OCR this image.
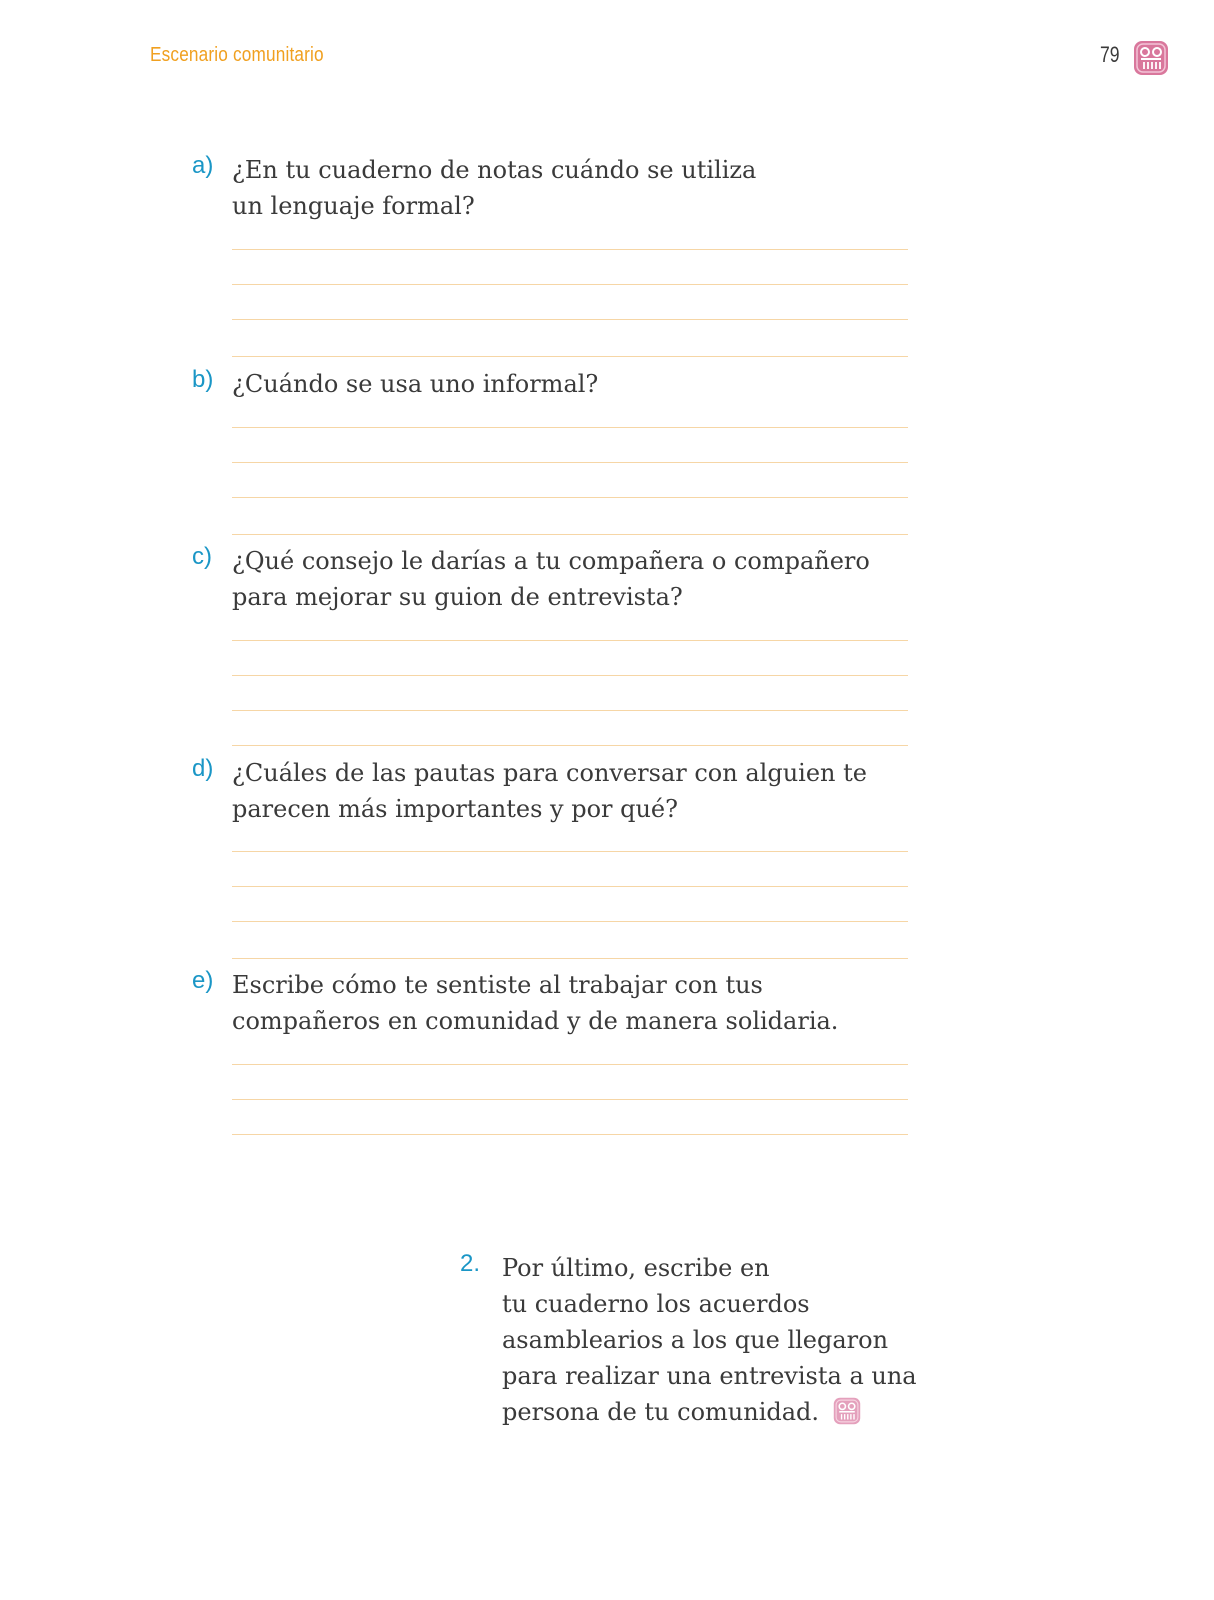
Escenario comunitario	79
a) ¿En tu cuaderno de notas cuándo se utiliza
un lenguaje formal?
b) ¿Cuándo se usa uno informal?
c) ¿Qué consejo le darías a tu compañera o compañero
para mejorar su guion de entrevista?
d) ¿Cuáles de las pautas para conversar con alguien te
parecen más importantes y por qué?
e) Escribe cómo te sentiste al trabajar con tus
compañeros en comunidad y de manera solidaria.
2. Por último, escribe en
tu cuaderno los acuerdos
asamblearios a los que llegaron
para realizar una entrevista a una
persona de tu comunidad.
